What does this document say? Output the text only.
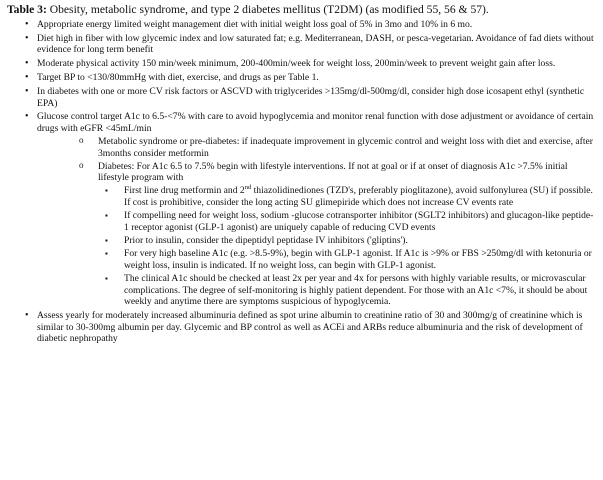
Table 3: Obesity, metabolic syndrome, and type 2 diabetes mellitus (T2DM) (as modified 55, 56 & 57).
• Appropriate energy limited weight management diet with initial weight loss goal of 5% in 3mo and 10% in 6 mo.
• Diet high in fiber with low glycemic index and low saturated fat; e.g. Mediterranean, DASH, or pesca-vegetarian. Avoidance of fad diets without evidence for long term benefit
• Moderate physical activity 150 min/week minimum, 200-400min/week for weight loss, 200min/week to prevent weight gain after loss.
• Target BP to <130/80mmHg with diet, exercise, and drugs as per Table 1.
• In diabetes with one or more CV risk factors or ASCVD with triglycerides >135mg/dl-500mg/dl, consider high dose icosapent ethyl (synthetic EPA)
• Glucose control target A1c to 6.5-<7% with care to avoid hypoglycemia and monitor renal function with dose adjustment or avoidance of certain drugs with eGFR <45mL/min
o Metabolic syndrome or pre-diabetes: if inadequate improvement in glycemic control and weight loss with diet and exercise, after 3months consider metformin
o Diabetes: For A1c 6.5 to 7.5% begin with lifestyle interventions. If not at goal or if at onset of diagnosis A1c >7.5% initial lifestyle program with
▪ First line drug metformin and 2nd thiazolidinediones (TZD's, preferably pioglitazone), avoid sulfonylurea (SU) if possible. If cost is prohibitive, consider the long acting SU glimepiride which does not increase CV events rate
▪ If compelling need for weight loss, sodium -glucose cotransporter inhibitor (SGLT2 inhibitors) and glucagon-like peptide-1 receptor agonist (GLP-1 agonist) are uniquely capable of reducing CVD events
▪ Prior to insulin, consider the dipeptidyl peptidase IV inhibitors ('gliptins').
▪ For very high baseline A1c (e.g. >8.5-9%), begin with GLP-1 agonist. If A1c is >9% or FBS >250mg/dl with ketonuria or weight loss, insulin is indicated. If no weight loss, can begin with GLP-1 agonist.
▪ The clinical A1c should be checked at least 2x per year and 4x for persons with highly variable results, or microvascular complications. The degree of self-monitoring is highly patient dependent. For those with an A1c <7%, it should be about weekly and anytime there are symptoms suspicious of hypoglycemia.
• Assess yearly for moderately increased albuminuria defined as spot urine albumin to creatinine ratio of 30 and 300mg/g of creatinine which is similar to 30-300mg albumin per day. Glycemic and BP control as well as ACEi and ARBs reduce albuminuria and the risk of development of diabetic nephropathy
